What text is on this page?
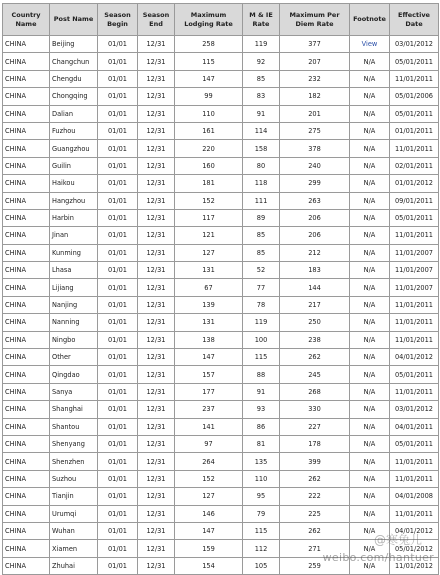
Country Name	Post Name	Season Begin	Season End	Maximum Lodging Rate	M & IE Rate	Maximum Per Diem Rate	Footnote	Effective Date
CHINA	Beijing	01/01	12/31	258	119	377	View	03/01/2012
CHINA	Changchun	01/01	12/31	115	92	207	N/A	05/01/2011
CHINA	Chengdu	01/01	12/31	147	85	232	N/A	11/01/2011
CHINA	Chongqing	01/01	12/31	99	83	182	N/A	05/01/2006
CHINA	Dalian	01/01	12/31	110	91	201	N/A	05/01/2011
CHINA	Fuzhou	01/01	12/31	161	114	275	N/A	01/01/2011
CHINA	Guangzhou	01/01	12/31	220	158	378	N/A	11/01/2011
CHINA	Guilin	01/01	12/31	160	80	240	N/A	02/01/2011
CHINA	Haikou	01/01	12/31	181	118	299	N/A	01/01/2012
CHINA	Hangzhou	01/01	12/31	152	111	263	N/A	09/01/2011
CHINA	Harbin	01/01	12/31	117	89	206	N/A	05/01/2011
CHINA	Jinan	01/01	12/31	121	85	206	N/A	11/01/2011
CHINA	Kunming	01/01	12/31	127	85	212	N/A	11/01/2007
CHINA	Lhasa	01/01	12/31	131	52	183	N/A	11/01/2007
CHINA	Lijiang	01/01	12/31	67	77	144	N/A	11/01/2007
CHINA	Nanjing	01/01	12/31	139	78	217	N/A	11/01/2011
CHINA	Nanning	01/01	12/31	131	119	250	N/A	11/01/2011
CHINA	Ningbo	01/01	12/31	138	100	238	N/A	11/01/2011
CHINA	Other	01/01	12/31	147	115	262	N/A	04/01/2012
CHINA	Qingdao	01/01	12/31	157	88	245	N/A	05/01/2011
CHINA	Sanya	01/01	12/31	177	91	268	N/A	11/01/2011
CHINA	Shanghai	01/01	12/31	237	93	330	N/A	03/01/2012
CHINA	Shantou	01/01	12/31	141	86	227	N/A	04/01/2011
CHINA	Shenyang	01/01	12/31	97	81	178	N/A	05/01/2011
CHINA	Shenzhen	01/01	12/31	264	135	399	N/A	11/01/2011
CHINA	Suzhou	01/01	12/31	152	110	262	N/A	11/01/2011
CHINA	Tianjin	01/01	12/31	127	95	222	N/A	04/01/2008
CHINA	Urumqi	01/01	12/31	146	79	225	N/A	11/01/2011
CHINA	Wuhan	01/01	12/31	147	115	262	N/A	04/01/2012
CHINA	Xiamen	01/01	12/31	159	112	271	N/A	05/01/2012
CHINA	Zhuhai	01/01	12/31	154	105	259	N/A	11/01/2012
@寒兔儿
weibo.com/hantuer
